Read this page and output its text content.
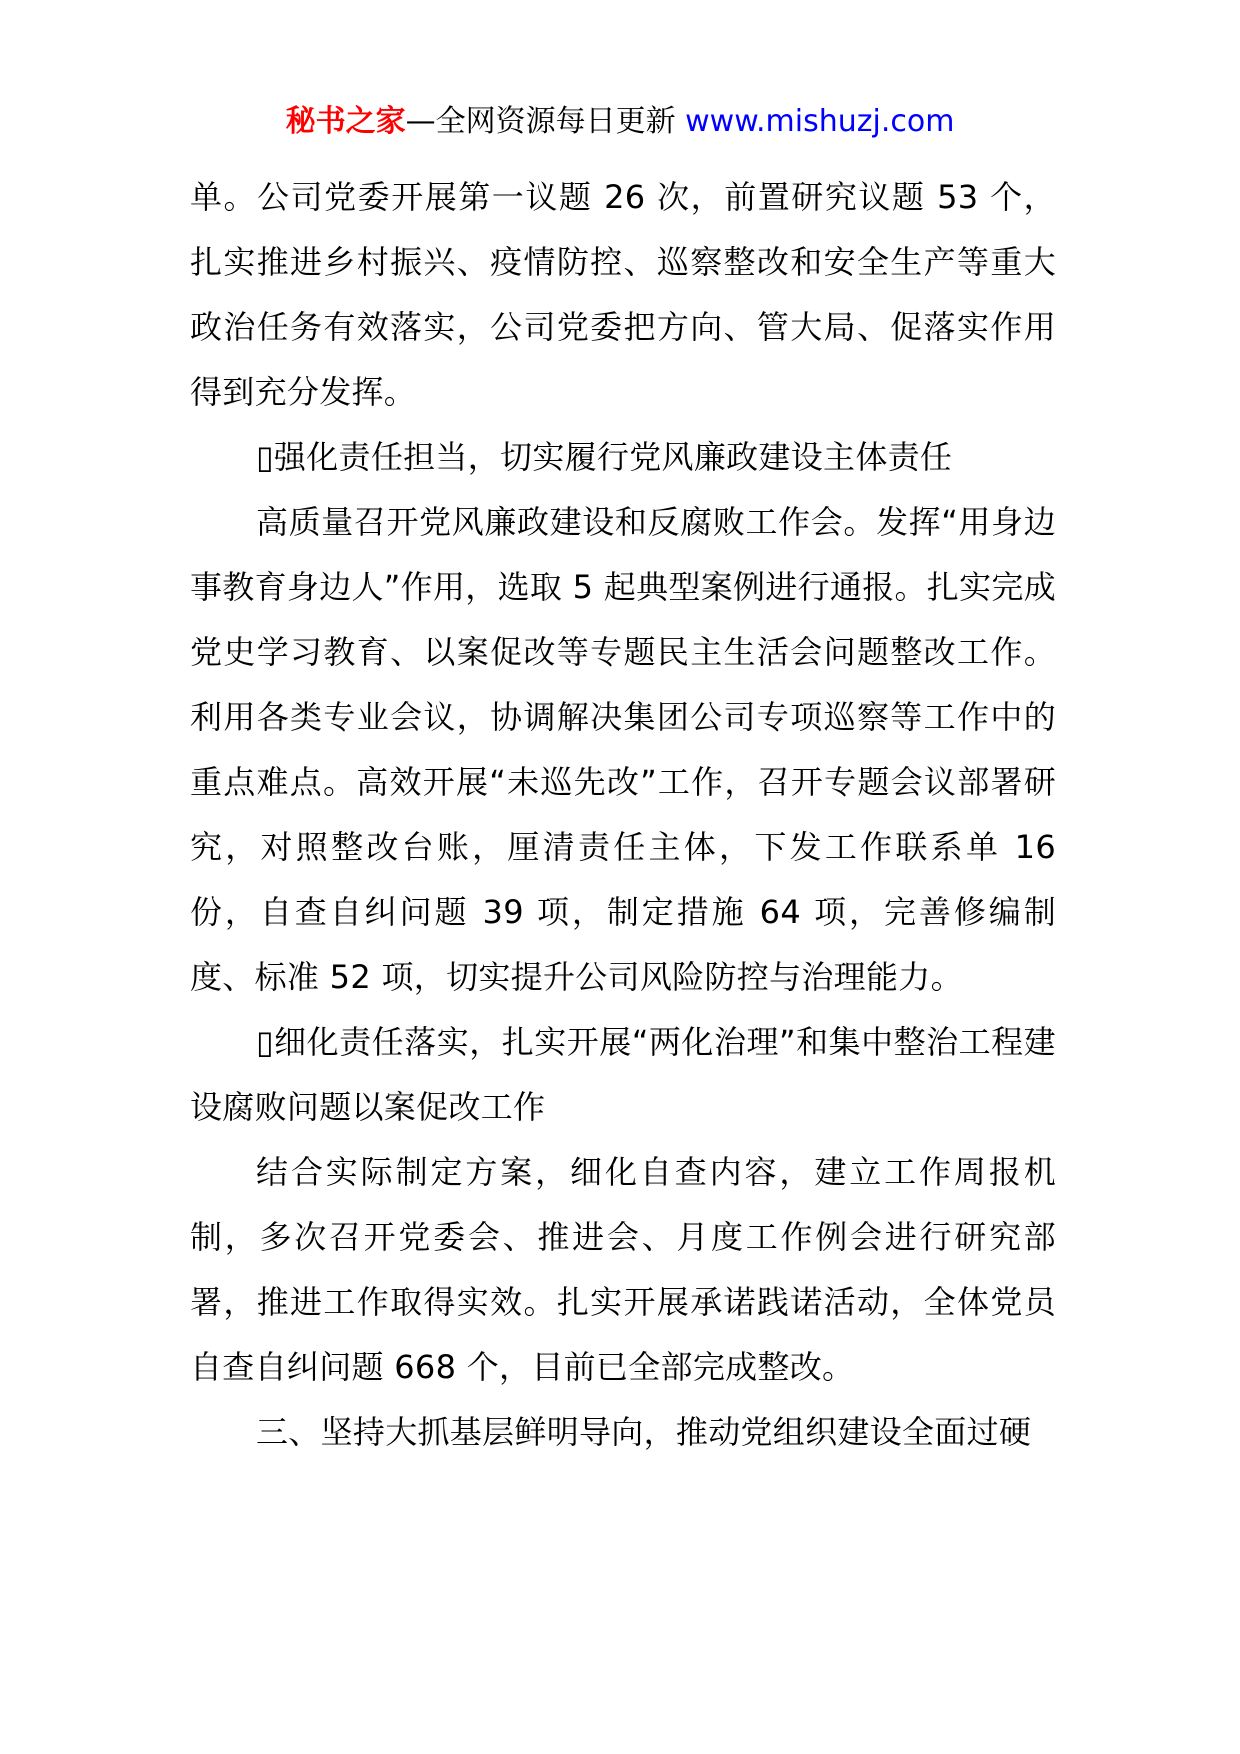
秘书之家—全网资源每日更新 www.mishuzj.com

单。公司党委开展第一议题 26 次，前置研究议题 53 个，扎实推进乡村振兴、疫情防控、巡察整改和安全生产等重大政治任务有效落实，公司党委把方向、管大局、促落实作用得到充分发挥。

▯强化责任担当，切实履行党风廉政建设主体责任

高质量召开党风廉政建设和反腐败工作会。发挥“用身边事教育身边人”作用，选取 5 起典型案例进行通报。扎实完成党史学习教育、以案促改等专题民主生活会问题整改工作。利用各类专业会议，协调解决集团公司专项巡察等工作中的重点难点。高效开展“未巡先改”工作，召开专题会议部署研究，对照整改台账，厘清责任主体，下发工作联系单 16 份，自查自纠问题 39 项，制定措施 64 项，完善修编制度、标准 52 项，切实提升公司风险防控与治理能力。

▯细化责任落实，扎实开展“两化治理”和集中整治工程建设腐败问题以案促改工作

结合实际制定方案，细化自查内容，建立工作周报机制，多次召开党委会、推进会、月度工作例会进行研究部署，推进工作取得实效。扎实开展承诺践诺活动，全体党员自查自纠问题 668 个，目前已全部完成整改。

三、坚持大抓基层鲜明导向，推动党组织建设全面过硬
